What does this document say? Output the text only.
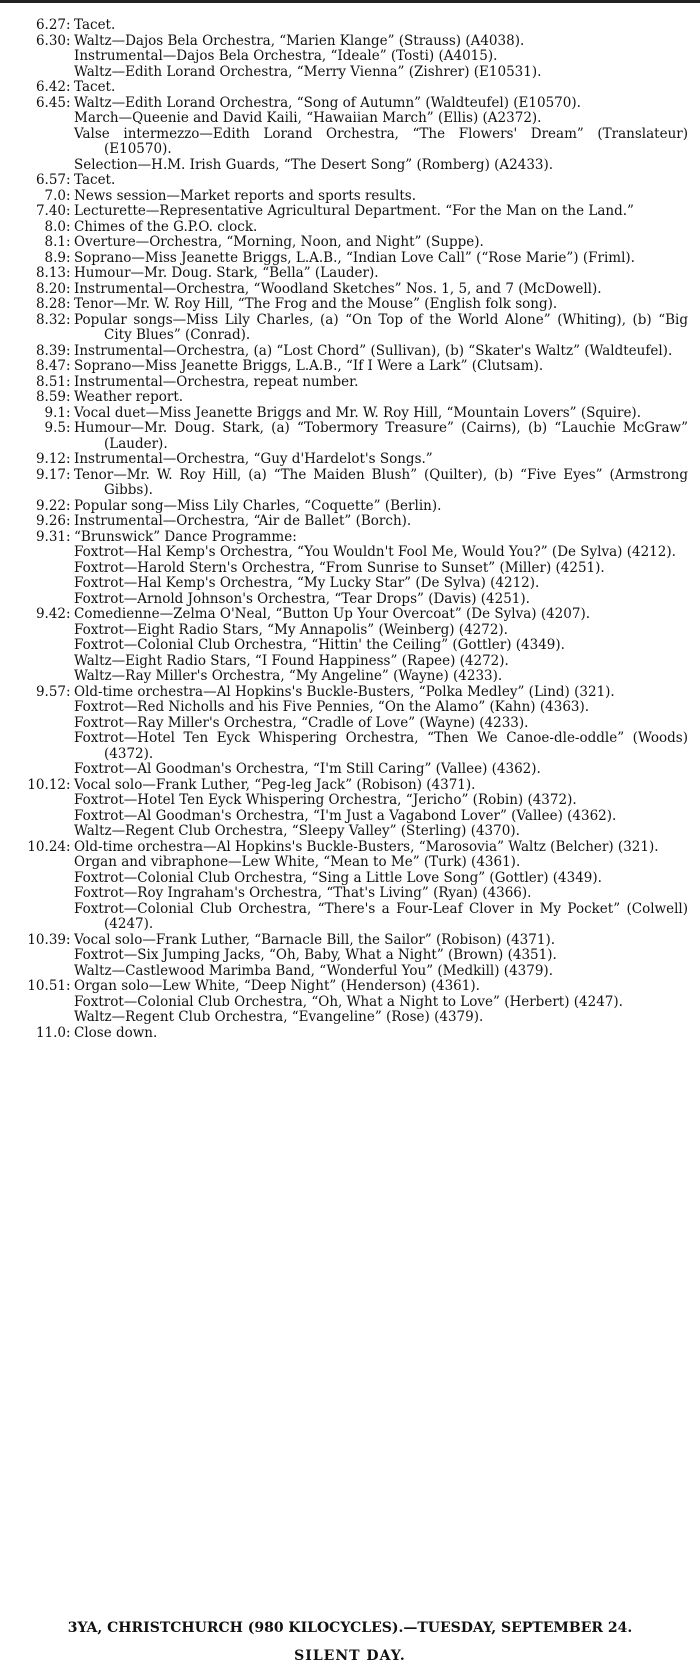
6.27 : Tacet.
6.30 : Waltz—Dajos Bela Orchestra, “Marien Klange” (Strauss) (A4038).
Instrumental—Dajos Bela Orchestra, “Ideale” (Tosti) (A4015).
Waltz—Edith Lorand Orchestra, “Merry Vienna” (Zishrer) (E10531).
6.42 : Tacet.
6.45 : Waltz—Edith Lorand Orchestra, “Song of Autumn” (Waldteufel) (E10570).
March—Queenie and David Kaili, “Hawaiian March” (Ellis) (A2372).
Valse intermezzo—Edith Lorand Orchestra, “The Flowers' Dream” (Translateur) (E10570).
Selection—H.M. Irish Guards, “The Desert Song” (Romberg) (A2433).
6.57 : Tacet.
7.0 : News session—Market reports and sports results.
7.40 : Lecturette—Representative Agricultural Department. “For the Man on the Land.”
8.0 : Chimes of the G.P.O. clock.
8.1 : Overture—Orchestra, “Morning, Noon, and Night” (Suppe).
8.9 : Soprano—Miss Jeanette Briggs, L.A.B., “Indian Love Call” (“Rose Marie”) (Friml).
8.13 : Humour—Mr. Doug. Stark, “Bella” (Lauder).
8.20 : Instrumental—Orchestra, “Woodland Sketches” Nos. 1, 5, and 7 (McDowell).
8.28 : Tenor—Mr. W. Roy Hill, “The Frog and the Mouse” (English folk song).
8.32 : Popular songs—Miss Lily Charles, (a) “On Top of the World Alone” (Whiting), (b) “Big City Blues” (Conrad).
8.39 : Instrumental—Orchestra, (a) “Lost Chord” (Sullivan), (b) “Skater's Waltz” (Waldteufel).
8.47 : Soprano—Miss Jeanette Briggs, L.A.B., “If I Were a Lark” (Clutsam).
8.51 : Instrumental—Orchestra, repeat number.
8.59 : Weather report.
9.1 : Vocal duet—Miss Jeanette Briggs and Mr. W. Roy Hill, “Mountain Lovers” (Squire).
9.5 : Humour—Mr. Doug. Stark, (a) “Tobermory Treasure” (Cairns), (b) “Lauchie McGraw” (Lauder).
9.12 : Instrumental—Orchestra, “Guy d'Hardelot's Songs.”
9.17 : Tenor—Mr. W. Roy Hill, (a) “The Maiden Blush” (Quilter), (b) “Five Eyes” (Armstrong Gibbs).
9.22 : Popular song—Miss Lily Charles, “Coquette” (Berlin).
9.26 : Instrumental—Orchestra, “Air de Ballet” (Borch).
9.31 : “Brunswick” Dance Programme:
Foxtrot—Hal Kemp's Orchestra, “You Wouldn't Fool Me, Would You?” (De Sylva) (4212).
Foxtrot—Harold Stern's Orchestra, “From Sunrise to Sunset” (Miller) (4251).
Foxtrot—Hal Kemp's Orchestra, “My Lucky Star” (De Sylva) (4212).
Foxtrot—Arnold Johnson's Orchestra, “Tear Drops” (Davis) (4251).
9.42 : Comedienne—Zelma O'Neal, “Button Up Your Overcoat” (De Sylva) (4207).
Foxtrot—Eight Radio Stars, “My Annapolis” (Weinberg) (4272).
Foxtrot—Colonial Club Orchestra, “Hittin' the Ceiling” (Gottler) (4349).
Waltz—Eight Radio Stars, “I Found Happiness” (Rapee) (4272).
Waltz—Ray Miller's Orchestra, “My Angeline” (Wayne) (4233).
9.57 : Old-time orchestra—Al Hopkins's Buckle-Busters, “Polka Medley” (Lind) (321).
Foxtrot—Red Nicholls and his Five Pennies, “On the Alamo” (Kahn) (4363).
Foxtrot—Ray Miller's Orchestra, “Cradle of Love” (Wayne) (4233).
Foxtrot—Hotel Ten Eyck Whispering Orchestra, “Then We Canoe-dle-oddle” (Woods) (4372).
Foxtrot—Al Goodman's Orchestra, “I'm Still Caring” (Vallee) (4362).
10.12 : Vocal solo—Frank Luther, “Peg-leg Jack” (Robison) (4371).
Foxtrot—Hotel Ten Eyck Whispering Orchestra, “Jericho” (Robin) (4372).
Foxtrot—Al Goodman's Orchestra, “I'm Just a Vagabond Lover” (Vallee) (4362).
Waltz—Regent Club Orchestra, “Sleepy Valley” (Sterling) (4370).
10.24 : Old-time orchestra—Al Hopkins's Buckle-Busters, “Marosovia” Waltz (Belcher) (321).
Organ and vibraphone—Lew White, “Mean to Me” (Turk) (4361).
Foxtrot—Colonial Club Orchestra, “Sing a Little Love Song” (Gottler) (4349).
Foxtrot—Roy Ingraham's Orchestra, “That's Living” (Ryan) (4366).
Foxtrot—Colonial Club Orchestra, “There's a Four-Leaf Clover in My Pocket” (Colwell) (4247).
10.39 : Vocal solo—Frank Luther, “Barnacle Bill, the Sailor” (Robison) (4371).
Foxtrot—Six Jumping Jacks, “Oh, Baby, What a Night” (Brown) (4351).
Waltz—Castlewood Marimba Band, “Wonderful You” (Medkill) (4379).
10.51 : Organ solo—Lew White, “Deep Night” (Henderson) (4361).
Foxtrot—Colonial Club Orchestra, “Oh, What a Night to Love” (Herbert) (4247).
Waltz—Regent Club Orchestra, “Evangeline” (Rose) (4379).
11.0 : Close down.
3YA, CHRISTCHURCH (980 KILOCYCLES).—TUESDAY, SEPTEMBER 24.
SILENT DAY.
